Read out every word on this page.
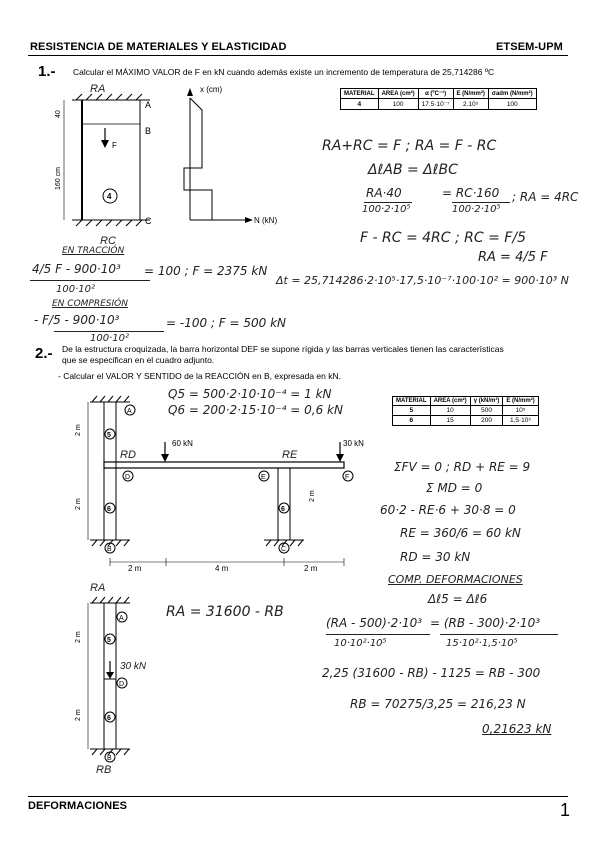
RESISTENCIA DE MATERIALES Y ELASTICIDAD	ETSEM-UPM
1.- Calcular el MÁXIMO VALOR de F en kN cuando además existe un incremento de temperatura de 25,714286 ºC
MATERIAL	AREA (cm²)	α (ºC⁻¹)	E (N/mm²)	σadm (N/mm²)
4	100	17.5·10⁻⁷	2.10⁵	100
F
4
A
B
C
40
160 cm
RA
RC
x (cm)
N (kN)
RA+RC = F ; RA = F - RC
ΔℓAB = ΔℓBC
RA·40
100·2·10⁵
= RC·160
100·2·10⁵
; RA = 4RC
F - RC = 4RC ; RC = F/5
RA = 4/5 F
Δt = 25,714286·2·10⁵·17,5·10⁻⁷·100·10² = 900·10³ N
EN TRACCIÓN
4/5 F - 900·10³ = 100 ; F = 2375 kN
100·10²
EN COMPRESIÓN
- F/5 - 900·10³	= -100 ; F = 500 kN
100·10²
2.- De la estructura croquizada, la barra horizontal DEF se supone rígida y las barras verticales tienen las características
que se especifican en el cuadro adjunto.
- Calcular el VALOR Y SENTIDO de la REACCIÓN en B, expresada en kN.
MATERIAL	AREA (cm²)	γ (kN/m³)	E (N/mm²)
5	10	500	10⁵
6	15	200	1,5·10⁵
60 kN	30 kN
A
D	E	F
B	C
5
6	6
2 m
2 m
2 m
2 m	4 m	2 m
RD	RE
Q5 = 500·2·10·10⁻⁴ = 1 kN
Q6 = 200·2·15·10⁻⁴ = 0,6 kN
ΣFV = 0 ; RD + RE = 9
Σ MD = 0
60·2 - RE·6 + 30·8 = 0
RE = 360/6 = 60 kN
RD = 30 kN
COMP. DEFORMACIONES
Δℓ5 = Δℓ6
RA = 31600 - RB
(RA - 500)·2·10³
10·10²·10⁵
= (RB - 300)·2·10³
15·10²·1,5·10⁵
2,25 (31600 - RB) - 1125 = RB - 300
RB = 70275/3,25 = 216,23 N
0,21623 kN
RA
A
D
B
5
6
30 kN
2 m
2 m
RB
DEFORMACIONES	1
